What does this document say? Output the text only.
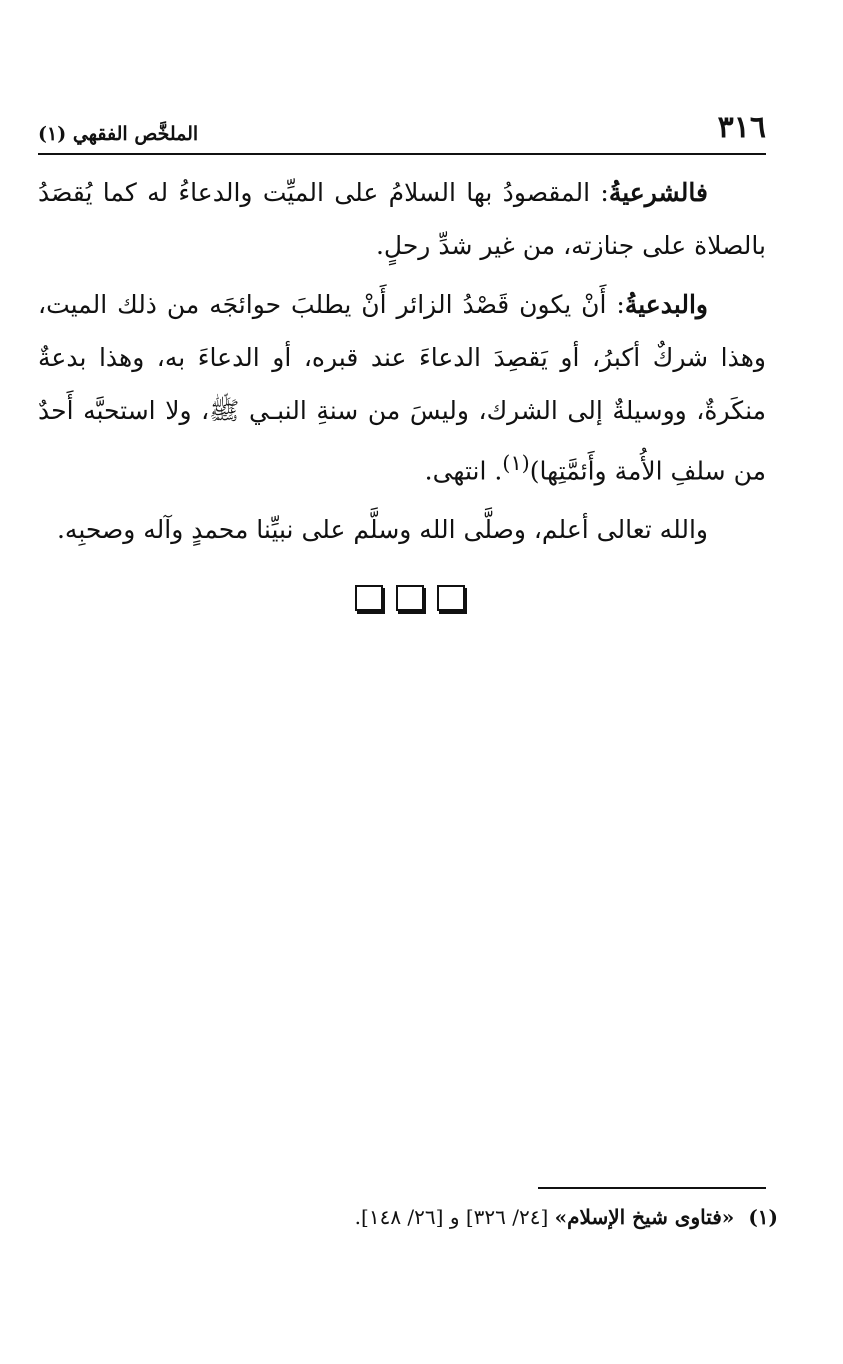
٣١٦
الملخَّص الفقهي (١)

فالشرعيةُ: المقصودُ بها السلامُ على الميِّت والدعاءُ له كما يُقصَدُ بالصلاة على جنازته، من غير شدِّ رحلٍ.

والبدعيةُ: أَنْ يكون قَصْدُ الزائر أَنْ يطلبَ حوائجَه من ذلك الميت، وهذا شركٌ أكبرُ، أو يَقصِدَ الدعاءَ عند قبره، أو الدعاءَ به، وهذا بدعةٌ منكَرةٌ، ووسيلةٌ إلى الشرك، وليسَ من سنةِ النبـي ﷺ، ولا استحبَّه أَحدٌ من سلفِ الأُمة وأَئمَّتِها)$^{(١)}$. انتهى.

والله تعالى أعلم، وصلَّى الله وسلَّم على نبيِّنا محمدٍ وآله وصحبِه.

(١)«فتاوى شيخ الإسلام» [٢٤/ ٣٢٦] و [٢٦/ ١٤٨].
